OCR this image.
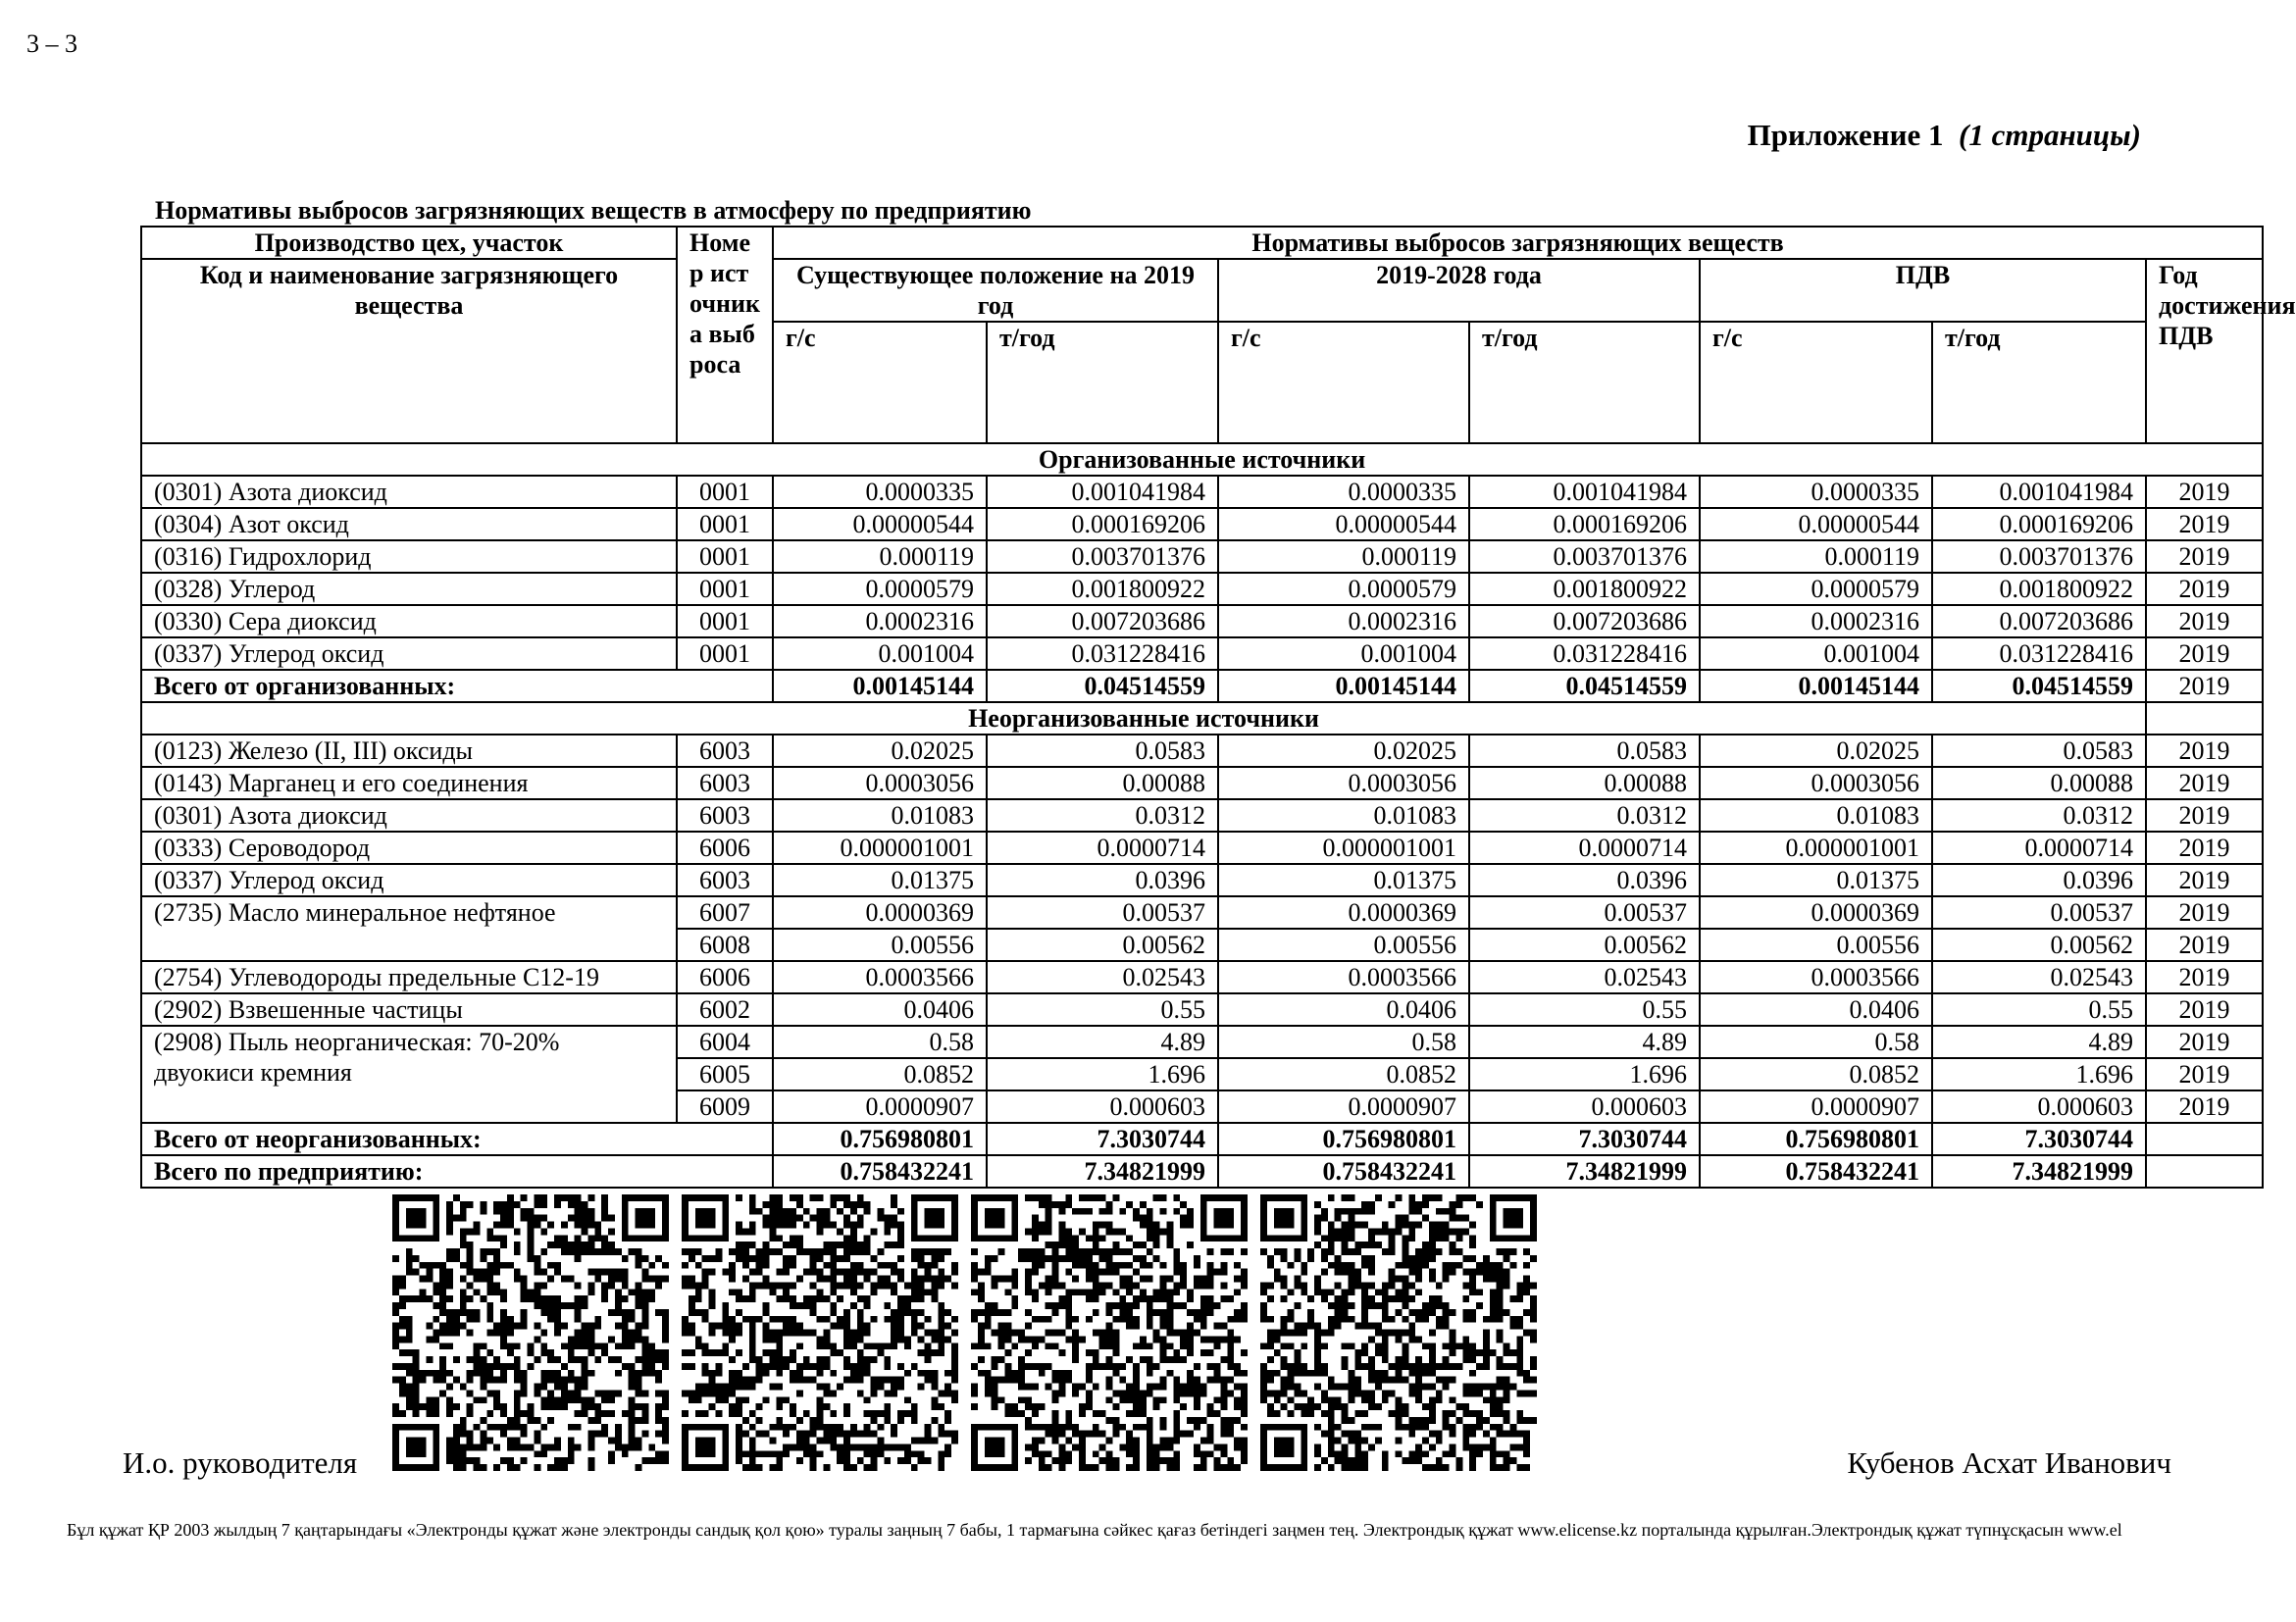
3 – 3
Приложение 1 (1 страницы)
Нормативы выбросов загрязняющих веществ в атмосферу по предприятию
Производство цех, участок	Номер источника выброса	Нормативы выбросов загрязняющих веществ						
Код и наименование загрязняющего вещества		Существующее положение на 2019 год		2019-2028 года		ПДВ		Год достижения ПДВ
		г/с	т/год	г/с	т/год	г/с	т/год	
Организованные источники								
(0301) Азота диоксид	0001	0.0000335	0.001041984	0.0000335	0.001041984	0.0000335	0.001041984	2019
(0304) Азот оксид	0001	0.00000544	0.000169206	0.00000544	0.000169206	0.00000544	0.000169206	2019
(0316) Гидрохлорид	0001	0.000119	0.003701376	0.000119	0.003701376	0.000119	0.003701376	2019
(0328) Углерод	0001	0.0000579	0.001800922	0.0000579	0.001800922	0.0000579	0.001800922	2019
(0330) Сера диоксид	0001	0.0002316	0.007203686	0.0002316	0.007203686	0.0002316	0.007203686	2019
(0337) Углерод оксид	0001	0.001004	0.031228416	0.001004	0.031228416	0.001004	0.031228416	2019
Всего от организованных:		0.00145144	0.04514559	0.00145144	0.04514559	0.00145144	0.04514559	2019
Неорганизованные источники								
(0123) Железо (II, III) оксиды	6003	0.02025	0.0583	0.02025	0.0583	0.02025	0.0583	2019
(0143) Марганец и его соединения	6003	0.0003056	0.00088	0.0003056	0.00088	0.0003056	0.00088	2019
(0301) Азота диоксид	6003	0.01083	0.0312	0.01083	0.0312	0.01083	0.0312	2019
(0333) Сероводород	6006	0.000001001	0.0000714	0.000001001	0.0000714	0.000001001	0.0000714	2019
(0337) Углерод оксид	6003	0.01375	0.0396	0.01375	0.0396	0.01375	0.0396	2019
(2735) Масло минеральное нефтяное	6007	0.0000369	0.00537	0.0000369	0.00537	0.0000369	0.00537	2019
	6008	0.00556	0.00562	0.00556	0.00562	0.00556	0.00562	2019
(2754) Углеводороды предельные С12-19	6006	0.0003566	0.02543	0.0003566	0.02543	0.0003566	0.02543	2019
(2902) Взвешенные частицы	6002	0.0406	0.55	0.0406	0.55	0.0406	0.55	2019
(2908) Пыль неорганическая: 70-20% двуокиси кремния	6004	0.58	4.89	0.58	4.89	0.58	4.89	2019
	6005	0.0852	1.696	0.0852	1.696	0.0852	1.696	2019
	6009	0.0000907	0.000603	0.0000907	0.000603	0.0000907	0.000603	2019
Всего от неорганизованных:		0.756980801	7.3030744	0.756980801	7.3030744	0.756980801	7.3030744	
Всего по предприятию:		0.758432241	7.34821999	0.758432241	7.34821999	0.758432241	7.34821999	
И.о. руководителя	Кубенов Асхат Иванович
Бұл құжат ҚР 2003 жылдың 7 қаңтарындағы «Электронды құжат және электронды сандық қол қою» туралы заңның 7 бабы, 1 тармағына сәйкес қағаз бетіндегі заңмен тең. Электрондық құжат www.elicense.kz порталында құрылған.Электрондық құжат түпнұсқасын www.el
